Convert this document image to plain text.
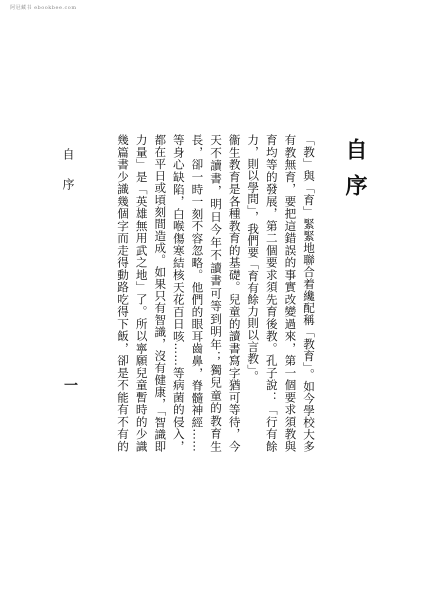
阿冠藏书 ebookbee.com
自序
一
自序

「教」與「育」緊緊地聯合着纔配稱「教育」。如今學校大多有教無育，要把這錯誤的事實改變過來，第一個要求須教與育均等的發展，第二個要求須先育後教。孔子說：「行有餘力，則以學問」，我們要「育有餘力則以言教」。

衞生教育是各種教育的基礎。兒童的讀書寫字猶可等待，今天不讀書，明日今年不讀書可等到明年；獨兒童的教育生長，卻一時一刻不容忽略。他們的眼耳齒鼻，脊髓神經……等身心缺陷，白喉傷寒結核天花百日咳……等病菌的侵入，都在平日或頃刻間造成。如果只有智識，沒有健康，「智識即力量」是「英雄無用武之地」了。所以寧願兒童暫時的少識幾篇書少識幾個字而走得動路吃得下飯，卻是不能有不有的
